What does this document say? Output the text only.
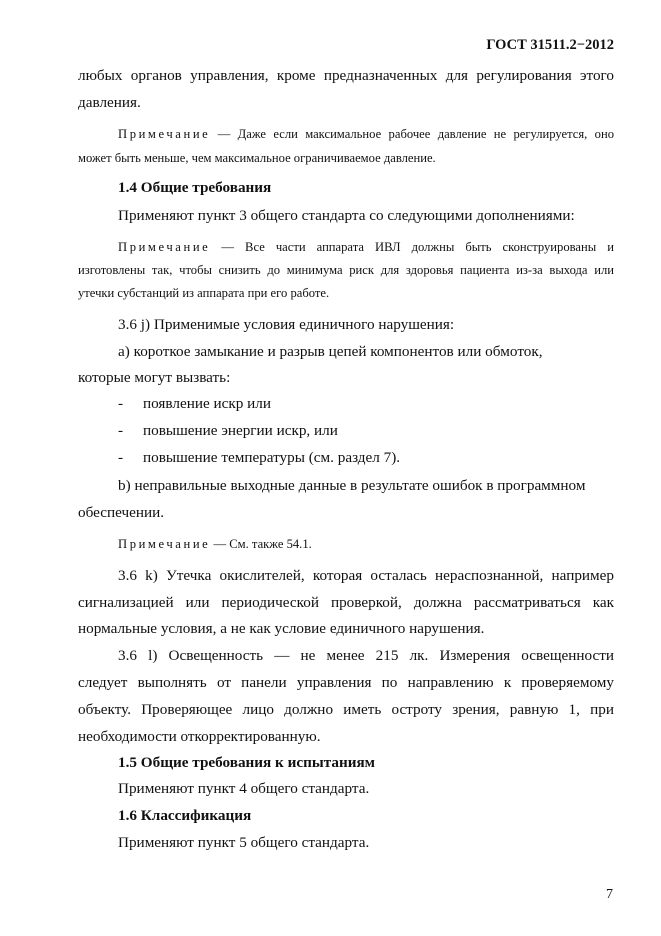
ГОСТ 31511.2−2012
любых органов управления, кроме предназначенных для регулирования этого
давления.
Примечание — Даже если максимальное рабочее давление не регулируется, оно
может быть меньше, чем максимальное ограничиваемое давление.
1.4 Общие требования
Применяют пункт 3 общего стандарта со следующими дополнениями:
Примечание — Все части аппарата ИВЛ должны быть сконструированы и
изготовлены так, чтобы снизить до минимума риск для здоровья пациента из-за выхода или
утечки субстанций из аппарата при его работе.
3.6 j) Применимые условия единичного нарушения:
a) короткое замыкание и разрыв цепей компонентов или обмоток,
которые могут вызвать:
- появление искр или
- повышение энергии искр, или
- повышение температуры (см. раздел 7).
b) неправильные выходные данные в результате ошибок в программном
обеспечении.
Примечание — См. также 54.1.
3.6 k) Утечка окислителей, которая осталась нераспознанной, например
сигнализацией или периодической проверкой, должна рассматриваться как
нормальные условия, а не как условие единичного нарушения.
3.6 l) Освещенность — не менее 215 лк. Измерения освещенности
следует выполнять от панели управления по направлению к проверяемому
объекту. Проверяющее лицо должно иметь остроту зрения, равную 1, при
необходимости откорректированную.
1.5 Общие требования к испытаниям
Применяют пункт 4 общего стандарта.
1.6 Классификация
Применяют пункт 5 общего стандарта.
7
